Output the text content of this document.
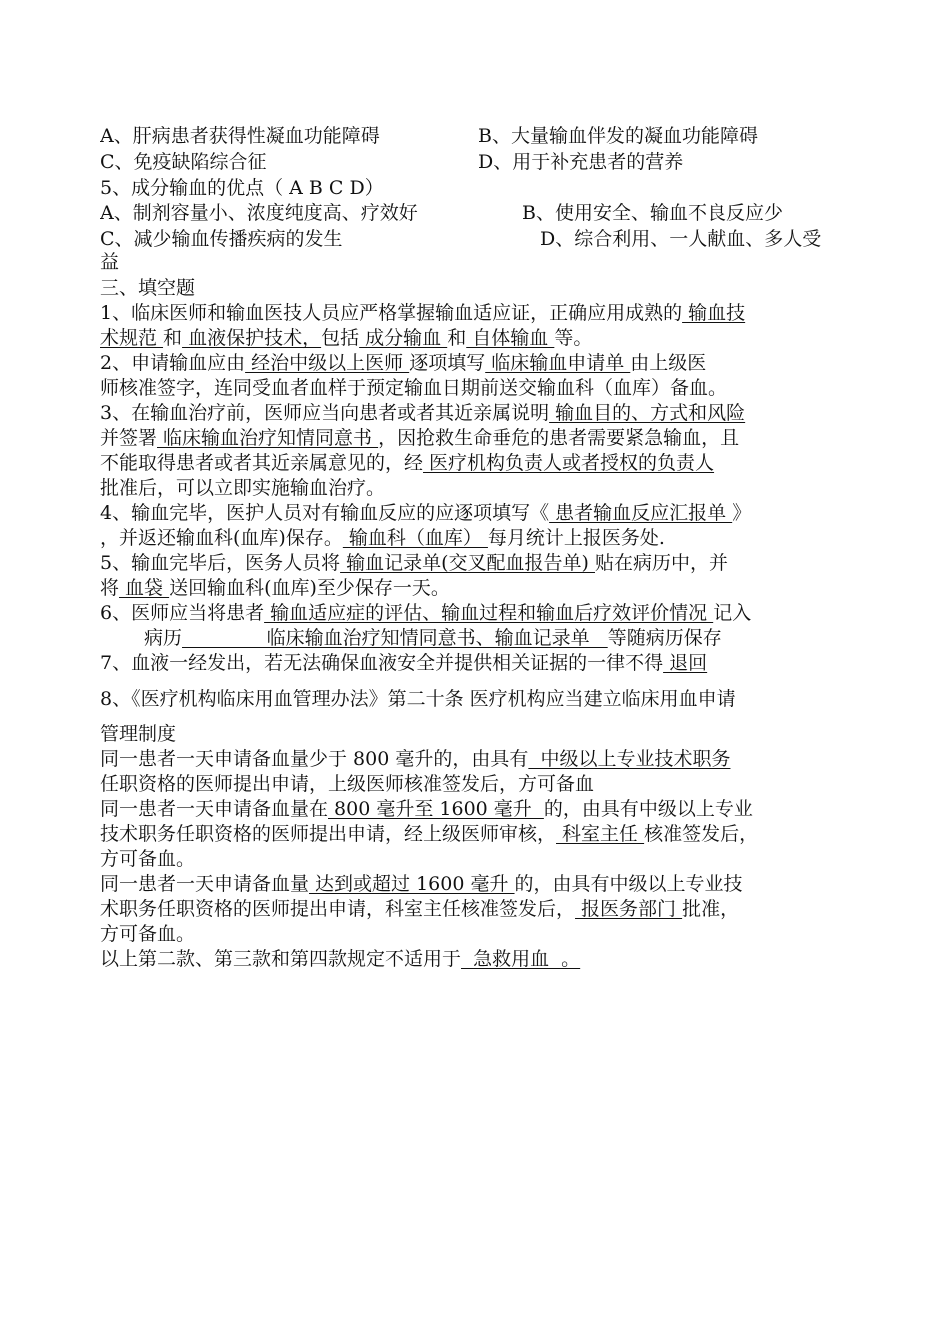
A、肝病患者获得性凝血功能障碍	B、大量输血伴发的凝血功能障碍
C、免疫缺陷综合征	D、用于补充患者的营养
5、成分输血的优点（ A B C D）
A、制剂容量小、浓度纯度高、疗效好	B、使用安全、输血不良反应少
C、减少输血传播疾病的发生	D、综合利用、一人献血、多人受
益
三、填空题
1、临床医师和输血医技人员应严格掌握输血适应证，正确应用成熟的 输血技
术规范 和 血液保护技术，包括 成分输血 和 自体输血 等。
2、申请输血应由 经治中级以上医师 逐项填写 临床输血申请单 由上级医
师核准签字，连同受血者血样于预定输血日期前送交输血科（血库）备血。
3、在输血治疗前，医师应当向患者或者其近亲属说明 输血目的、方式和风险
并签署 临床输血治疗知情同意书 ，因抢救生命垂危的患者需要紧急输血，且
不能取得患者或者其近亲属意见的，经 医疗机构负责人或者授权的负责人
批准后，可以立即实施输血治疗。
4、输血完毕，医护人员对有输血反应的应逐项填写《 患者输血反应汇报单 》
，并返还输血科(血库)保存。 输血科（血库） 每月统计上报医务处.
5、输血完毕后，医务人员将 输血记录单(交叉配血报告单) 贴在病历中，并
将 血袋 送回输血科(血库)至少保存一天。
6、医师应当将患者 输血适应症的评估、输血过程和输血后疗效评价情况 记入
病历              临床输血治疗知情同意书、输血记录单   等随病历保存
7、血液一经发出，若无法确保血液安全并提供相关证据的一律不得 退回
8、《医疗机构临床用血管理办法》第二十条 医疗机构应当建立临床用血申请
管理制度
同一患者一天申请备血量少于 800 毫升的，由具有  中级以上专业技术职务
任职资格的医师提出申请，上级医师核准签发后，方可备血
同一患者一天申请备血量在 800 毫升至 1600 毫升  的，由具有中级以上专业
技术职务任职资格的医师提出申请，经上级医师审核， 科室主任 核准签发后，
方可备血。
同一患者一天申请备血量 达到或超过 1600 毫升 的，由具有中级以上专业技
术职务任职资格的医师提出申请，科室主任核准签发后， 报医务部门 批准，
方可备血。
以上第二款、第三款和第四款规定不适用于  急救用血  。
